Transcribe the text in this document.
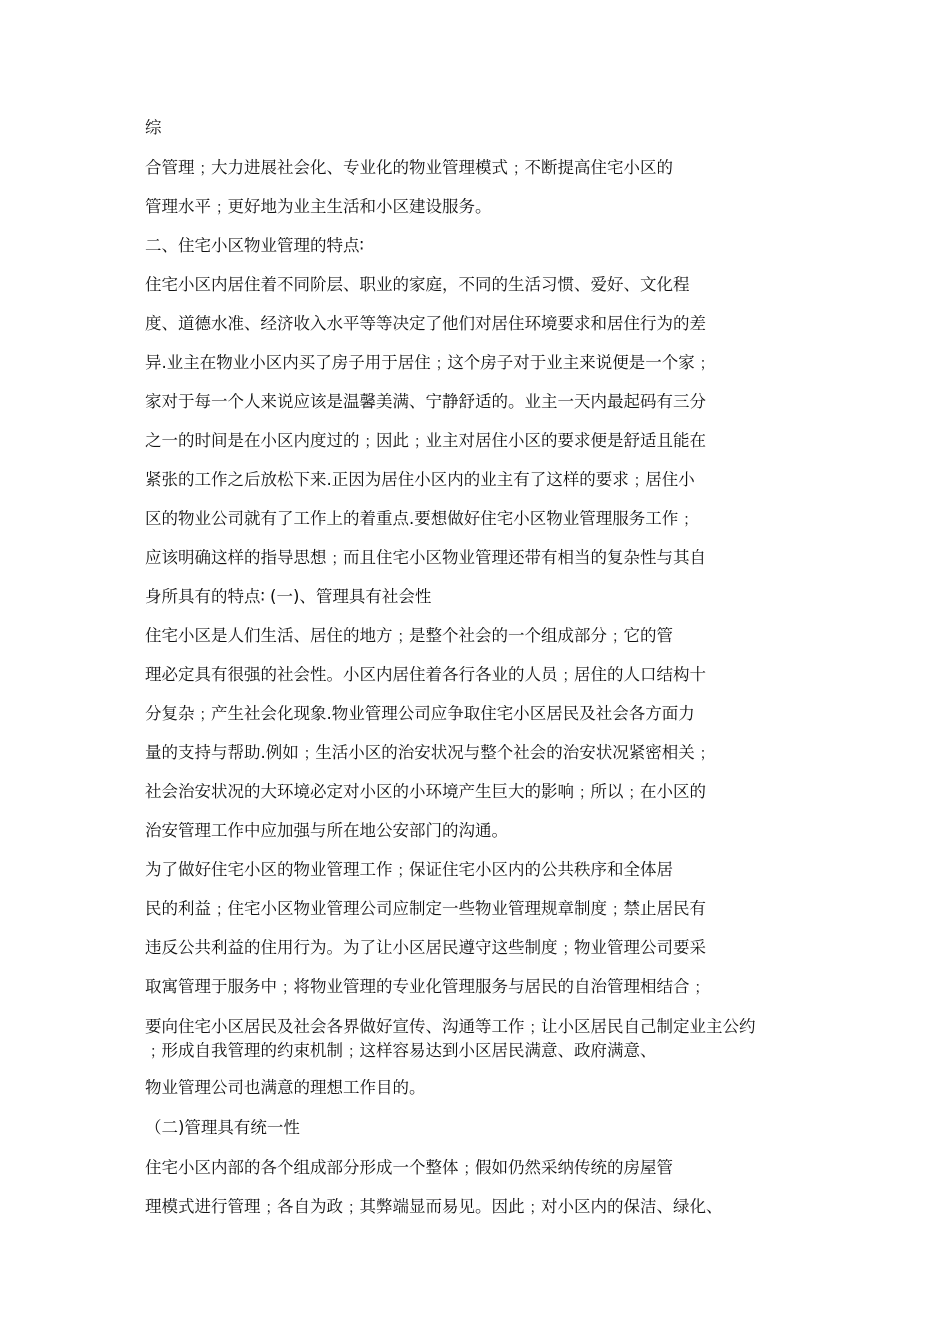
综
合管理﹔大力进展社会化、专业化的物业管理模式﹔不断提高住宅小区的
管理水平﹔更好地为业主生活和小区建设服务。
二、住宅小区物业管理的特点∶
住宅小区内居住着不同阶层、职业的家庭，不同的生活习惯、爱好、文化程
度、道德水准、经济收入水平等等决定了他们对居住环境要求和居住行为的差
异.业主在物业小区内买了房子用于居住﹔这个房子对于业主来说便是一个家﹔
家对于每一个人来说应该是温馨美满、宁静舒适的。业主一天内最起码有三分
之一的时间是在小区内度过的﹔因此﹔业主对居住小区的要求便是舒适且能在
紧张的工作之后放松下来.正因为居住小区内的业主有了这样的要求﹔居住小
区的物业公司就有了工作上的着重点.要想做好住宅小区物业管理服务工作﹔
应该明确这样的指导思想﹔而且住宅小区物业管理还带有相当的复杂性与其自
身所具有的特点∶ (一)、管理具有社会性
住宅小区是人们生活、居住的地方﹔是整个社会的一个组成部分﹔它的管
理必定具有很强的社会性。小区内居住着各行各业的人员﹔居住的人口结构十
分复杂﹔产生社会化现象.物业管理公司应争取住宅小区居民及社会各方面力
量的支持与帮助.例如﹔生活小区的治安状况与整个社会的治安状况紧密相关﹔
社会治安状况的大环境必定对小区的小环境产生巨大的影响﹔所以﹔在小区的
治安管理工作中应加强与所在地公安部门的沟通。
为了做好住宅小区的物业管理工作﹔保证住宅小区内的公共秩序和全体居
民的利益﹔住宅小区物业管理公司应制定一些物业管理规章制度﹔禁止居民有
违反公共利益的住用行为。为了让小区居民遵守这些制度﹔物业管理公司要采
取寓管理于服务中﹔将物业管理的专业化管理服务与居民的自治管理相结合﹔
要向住宅小区居民及社会各界做好宣传、沟通等工作﹔让小区居民自己制定业主公约
﹔形成自我管理的约束机制﹔这样容易达到小区居民满意、政府满意、
物业管理公司也满意的理想工作目的。
（二)管理具有统一性
住宅小区内部的各个组成部分形成一个整体﹔假如仍然采纳传统的房屋管
理模式进行管理﹔各自为政﹔其弊端显而易见。因此﹔对小区内的保洁、绿化、
